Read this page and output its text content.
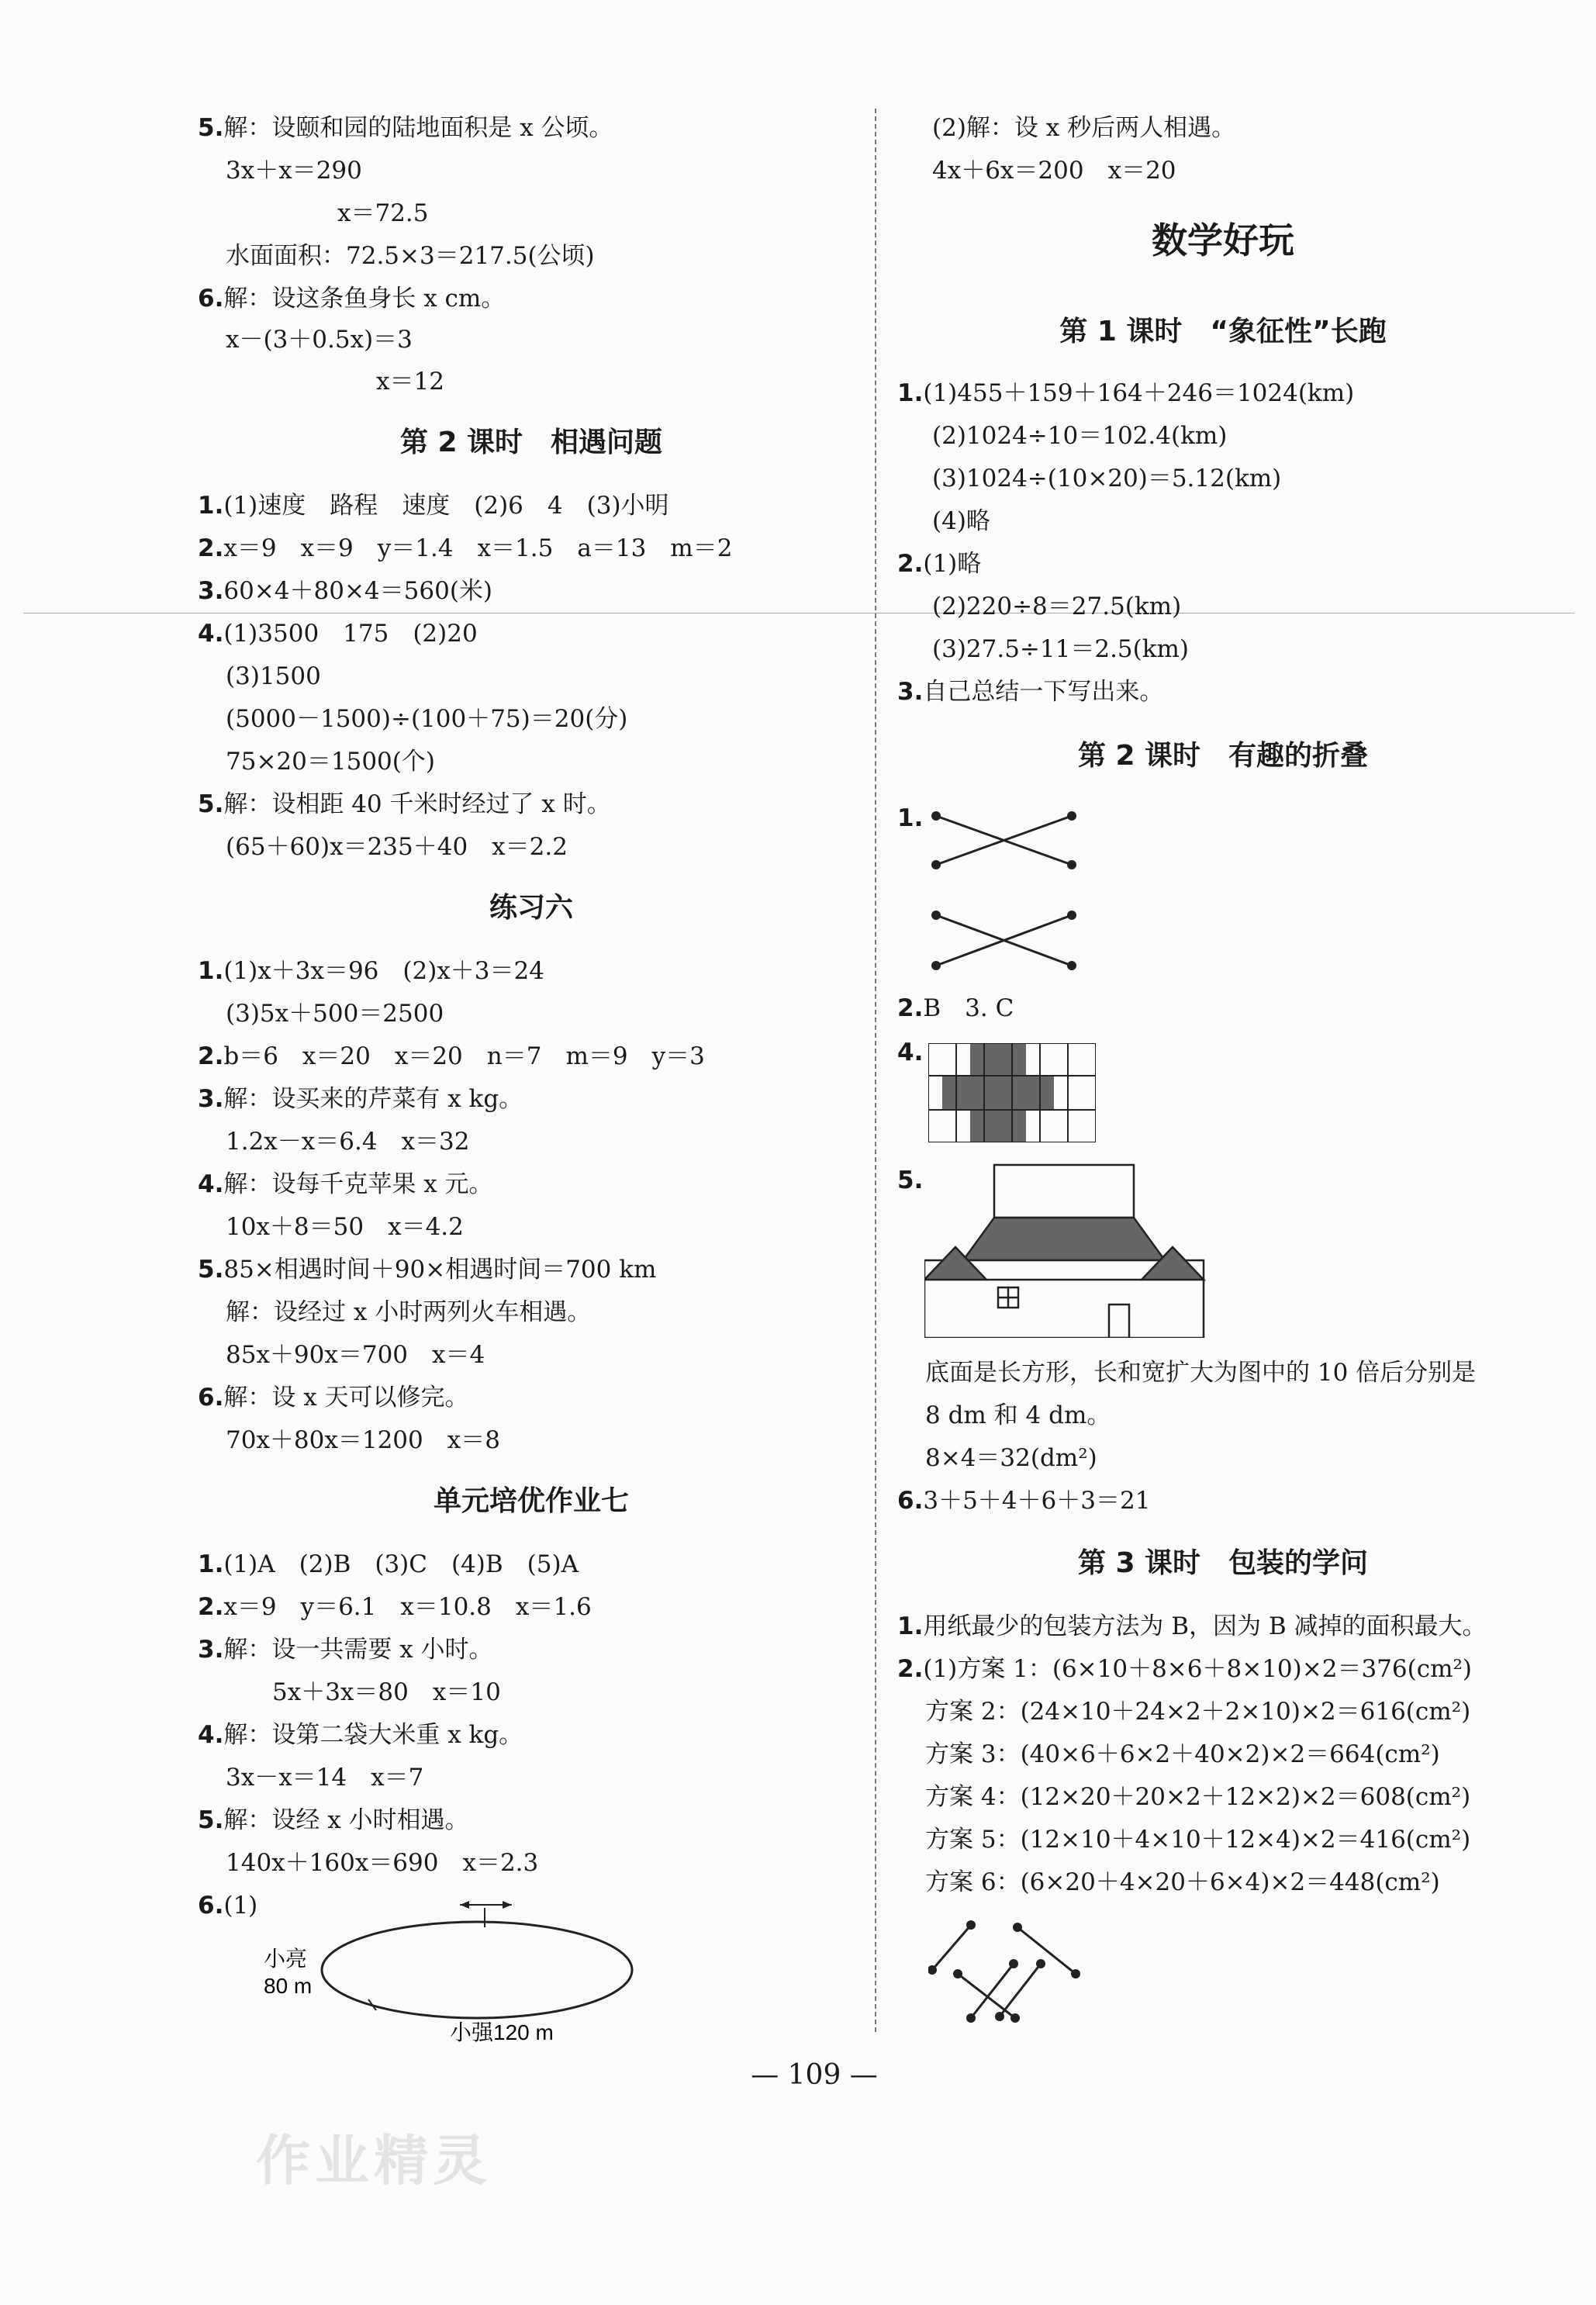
5.解：设颐和园的陆地面积是 x 公顷。
3x＋x＝290
x＝72.5
水面面积：72.5×3＝217.5(公顷)
6.解：设这条鱼身长 x cm。
x－(3＋0.5x)＝3
x＝12
第 2 课时　相遇问题
1.(1)速度　路程　速度　(2)6　4　(3)小明
2.x＝9　x＝9　y＝1.4　x＝1.5　a＝13　m＝2
3.60×4＋80×4＝560(米)
4.(1)3500　175　(2)20
(3)1500
(5000－1500)÷(100＋75)＝20(分)
75×20＝1500(个)
5.解：设相距 40 千米时经过了 x 时。
(65＋60)x＝235＋40　x＝2.2
练习六
1.(1)x＋3x＝96　(2)x＋3＝24
(3)5x＋500＝2500
2.b＝6　x＝20　x＝20　n＝7　m＝9　y＝3
3.解：设买来的芹菜有 x kg。
1.2x－x＝6.4　x＝32
4.解：设每千克苹果 x 元。
10x＋8＝50　x＝4.2
5.85×相遇时间＋90×相遇时间＝700 km
解：设经过 x 小时两列火车相遇。
85x＋90x＝700　x＝4
6.解：设 x 天可以修完。
70x＋80x＝1200　x＝8
单元培优作业七
1.(1)A　(2)B　(3)C　(4)B　(5)A
2.x＝9　y＝6.1　x＝10.8　x＝1.6
3.解：设一共需要 x 小时。
5x＋3x＝80　x＝10
4.解：设第二袋大米重 x kg。
3x－x＝14　x＝7
5.解：设经 x 小时相遇。
140x＋160x＝690　x＝2.3
6.(1)
小亮
80 m
小强120 m
(2)解：设 x 秒后两人相遇。
4x＋6x＝200　x＝20
数学好玩
第 1 课时　“象征性”长跑
1.(1)455＋159＋164＋246＝1024(km)
(2)1024÷10＝102.4(km)
(3)1024÷(10×20)＝5.12(km)
(4)略
2.(1)略
(2)220÷8＝27.5(km)
(3)27.5÷11＝2.5(km)
3.自己总结一下写出来。
第 2 课时　有趣的折叠
1.
2.B　3. C
4.
5.
底面是长方形，长和宽扩大为图中的 10 倍后分别是
8 dm 和 4 dm。
8×4＝32(dm²)
6.3＋5＋4＋6＋3＝21
第 3 课时　包装的学问
1.用纸最少的包装方法为 B，因为 B 减掉的面积最大。
2.(1)方案 1：(6×10＋8×6＋8×10)×2＝376(cm²)
方案 2：(24×10＋24×2＋2×10)×2＝616(cm²)
方案 3：(40×6＋6×2＋40×2)×2＝664(cm²)
方案 4：(12×20＋20×2＋12×2)×2＝608(cm²)
方案 5：(12×10＋4×10＋12×4)×2＝416(cm²)
方案 6：(6×20＋4×20＋6×4)×2＝448(cm²)
— 109 —
作业精灵
